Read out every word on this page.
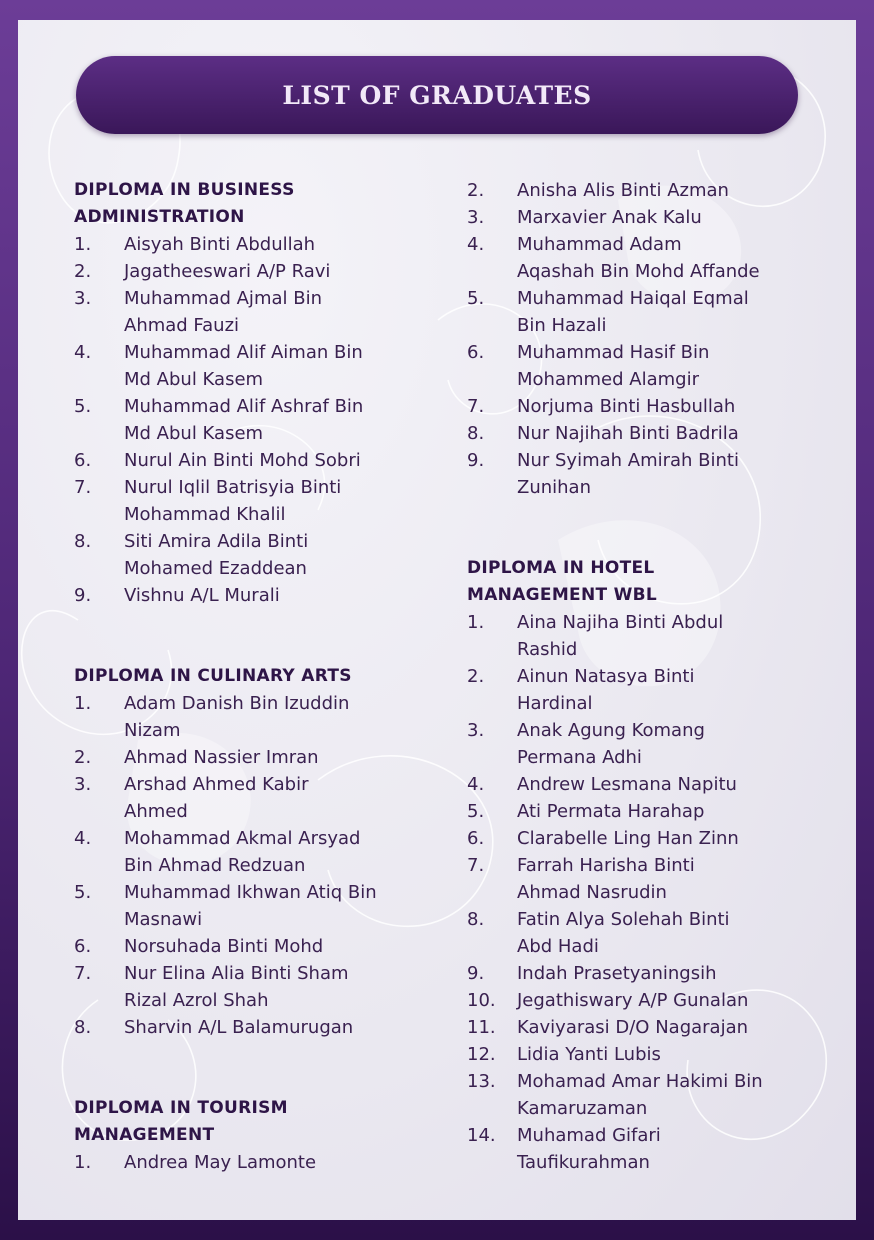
LIST OF GRADUATES
DIPLOMA IN BUSINESS
ADMINISTRATION
1.	Aisyah Binti Abdullah
2.	Jagatheeswari A/P Ravi
3.	Muhammad Ajmal Bin
Ahmad Fauzi
4.	Muhammad Alif Aiman Bin
Md Abul Kasem
5.	Muhammad Alif Ashraf Bin
Md Abul Kasem
6.	Nurul Ain Binti Mohd Sobri
7.	Nurul Iqlil Batrisyia Binti
Mohammad Khalil
8.	Siti Amira Adila Binti
Mohamed Ezaddean
9.	Vishnu A/L Murali
DIPLOMA IN CULINARY ARTS
1.	Adam Danish Bin Izuddin
Nizam
2.	Ahmad Nassier Imran
3.	Arshad Ahmed Kabir
Ahmed
4.	Mohammad Akmal Arsyad
Bin Ahmad Redzuan
5.	Muhammad Ikhwan Atiq Bin
Masnawi
6.	Norsuhada Binti Mohd
7.	Nur Elina Alia Binti Sham
Rizal Azrol Shah
8.	Sharvin A/L Balamurugan
DIPLOMA IN TOURISM
MANAGEMENT
1.	Andrea May Lamonte
2.	Anisha Alis Binti Azman
3.	Marxavier Anak Kalu
4.	Muhammad Adam
Aqashah Bin Mohd Affande
5.	Muhammad Haiqal Eqmal
Bin Hazali
6.	Muhammad Hasif Bin
Mohammed Alamgir
7.	Norjuma Binti Hasbullah
8.	Nur Najihah Binti Badrila
9.	Nur Syimah Amirah Binti
Zunihan
DIPLOMA IN HOTEL
MANAGEMENT WBL
1.	Aina Najiha Binti Abdul
Rashid
2.	Ainun Natasya Binti
Hardinal
3.	Anak Agung Komang
Permana Adhi
4.	Andrew Lesmana Napitu
5.	Ati Permata Harahap
6.	Clarabelle Ling Han Zinn
7.	Farrah Harisha Binti
Ahmad Nasrudin
8.	Fatin Alya Solehah Binti
Abd Hadi
9.	Indah Prasetyaningsih
10.	Jegathiswary A/P Gunalan
11.	Kaviyarasi D/O Nagarajan
12.	Lidia Yanti Lubis
13.	Mohamad Amar Hakimi Bin
Kamaruzaman
14.	Muhamad Gifari
Taufikurahman
